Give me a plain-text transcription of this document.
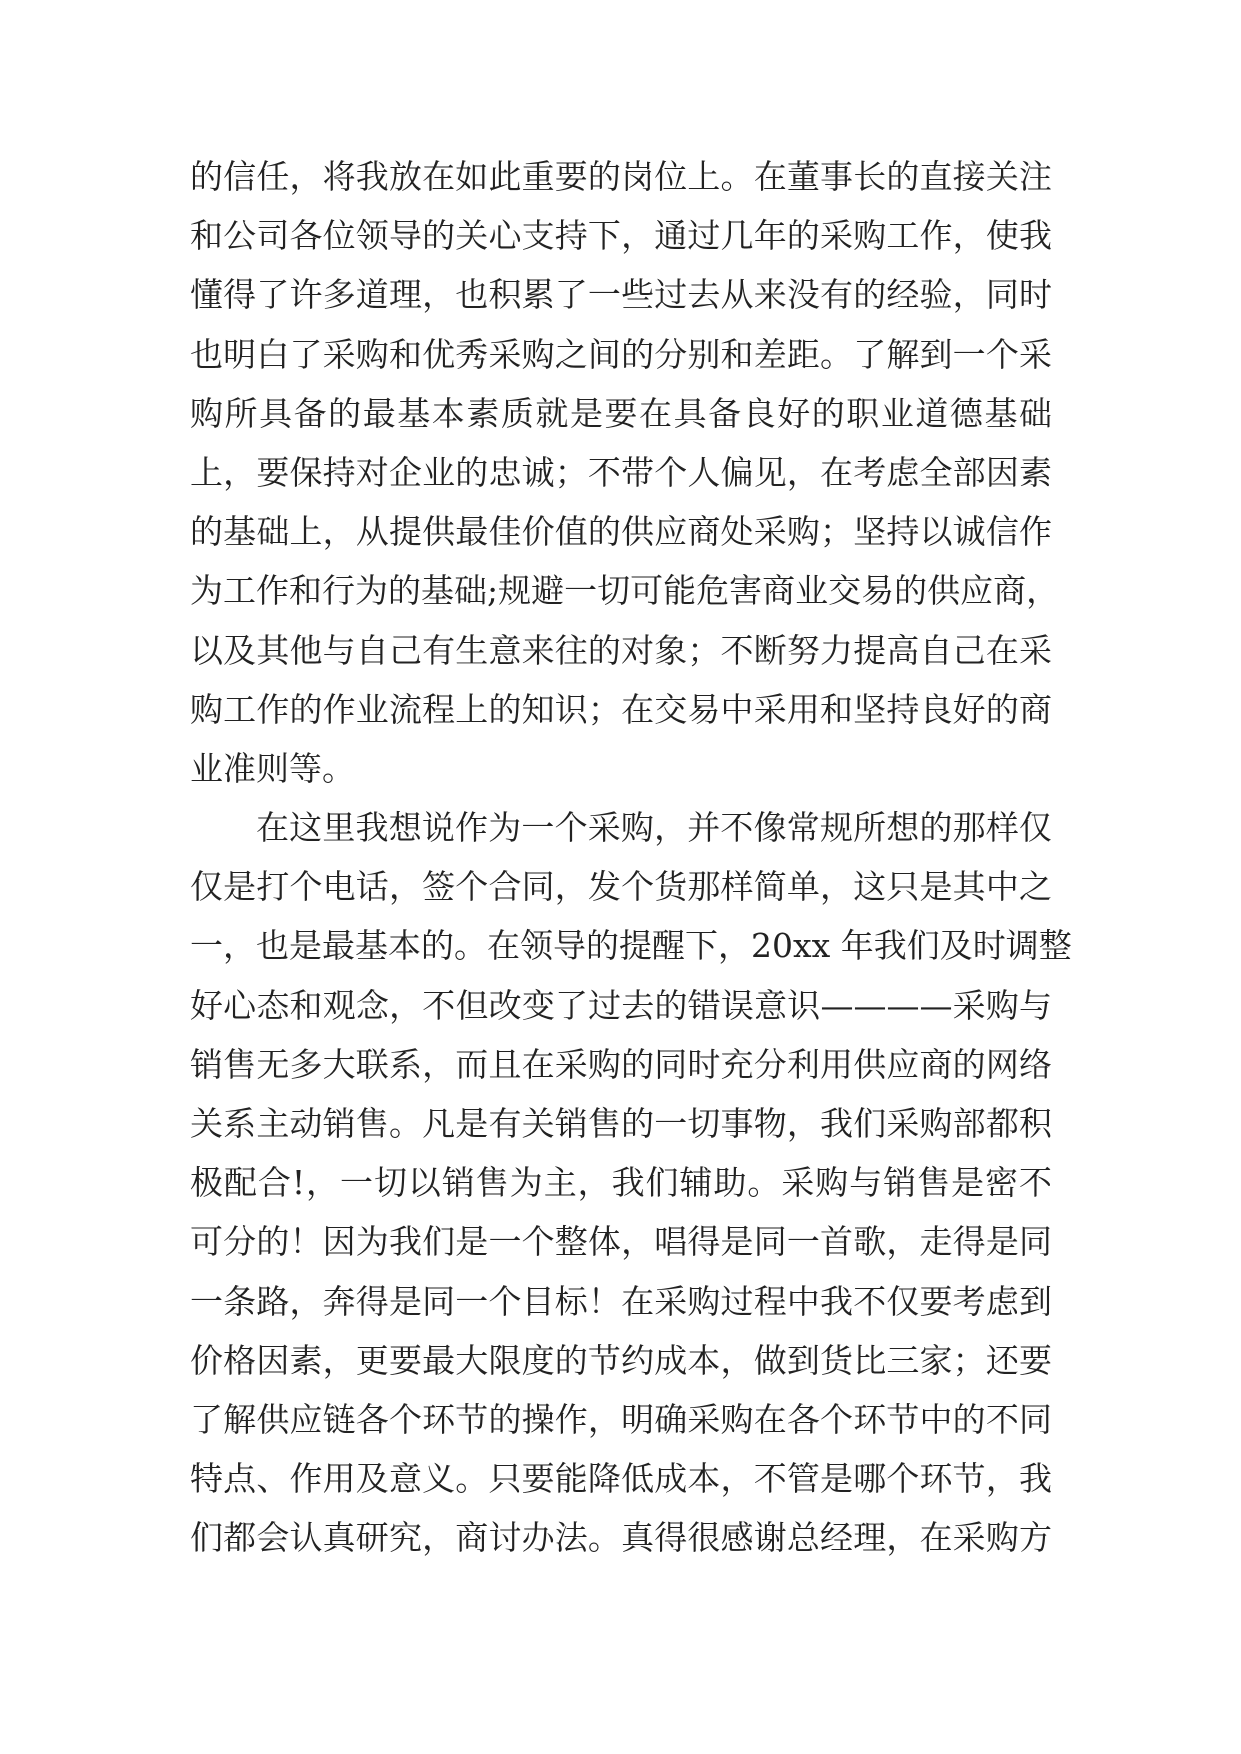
的信任，将我放在如此重要的岗位上。在董事长的直接关注
和公司各位领导的关心支持下，通过几年的采购工作，使我
懂得了许多道理，也积累了一些过去从来没有的经验，同时
也明白了采购和优秀采购之间的分别和差距。了解到一个采
购所具备的最基本素质就是要在具备良好的职业道德基础
上，要保持对企业的忠诚；不带个人偏见，在考虑全部因素
的基础上，从提供最佳价值的供应商处采购；坚持以诚信作
为工作和行为的基础;规避一切可能危害商业交易的供应商，
以及其他与自己有生意来往的对象；不断努力提高自己在采
购工作的作业流程上的知识；在交易中采用和坚持良好的商
业准则等。
在这里我想说作为一个采购，并不像常规所想的那样仅
仅是打个电话，签个合同，发个货那样简单，这只是其中之
一，也是最基本的。在领导的提醒下，20xx 年我们及时调整
好心态和观念，不但改变了过去的错误意识————采购与
销售无多大联系，而且在采购的同时充分利用供应商的网络
关系主动销售。凡是有关销售的一切事物，我们采购部都积
极配合!，一切以销售为主，我们辅助。采购与销售是密不
可分的！因为我们是一个整体，唱得是同一首歌，走得是同
一条路，奔得是同一个目标！在采购过程中我不仅要考虑到
价格因素，更要最大限度的节约成本，做到货比三家；还要
了解供应链各个环节的操作，明确采购在各个环节中的不同
特点、作用及意义。只要能降低成本，不管是哪个环节，我
们都会认真研究，商讨办法。真得很感谢总经理，在采购方
